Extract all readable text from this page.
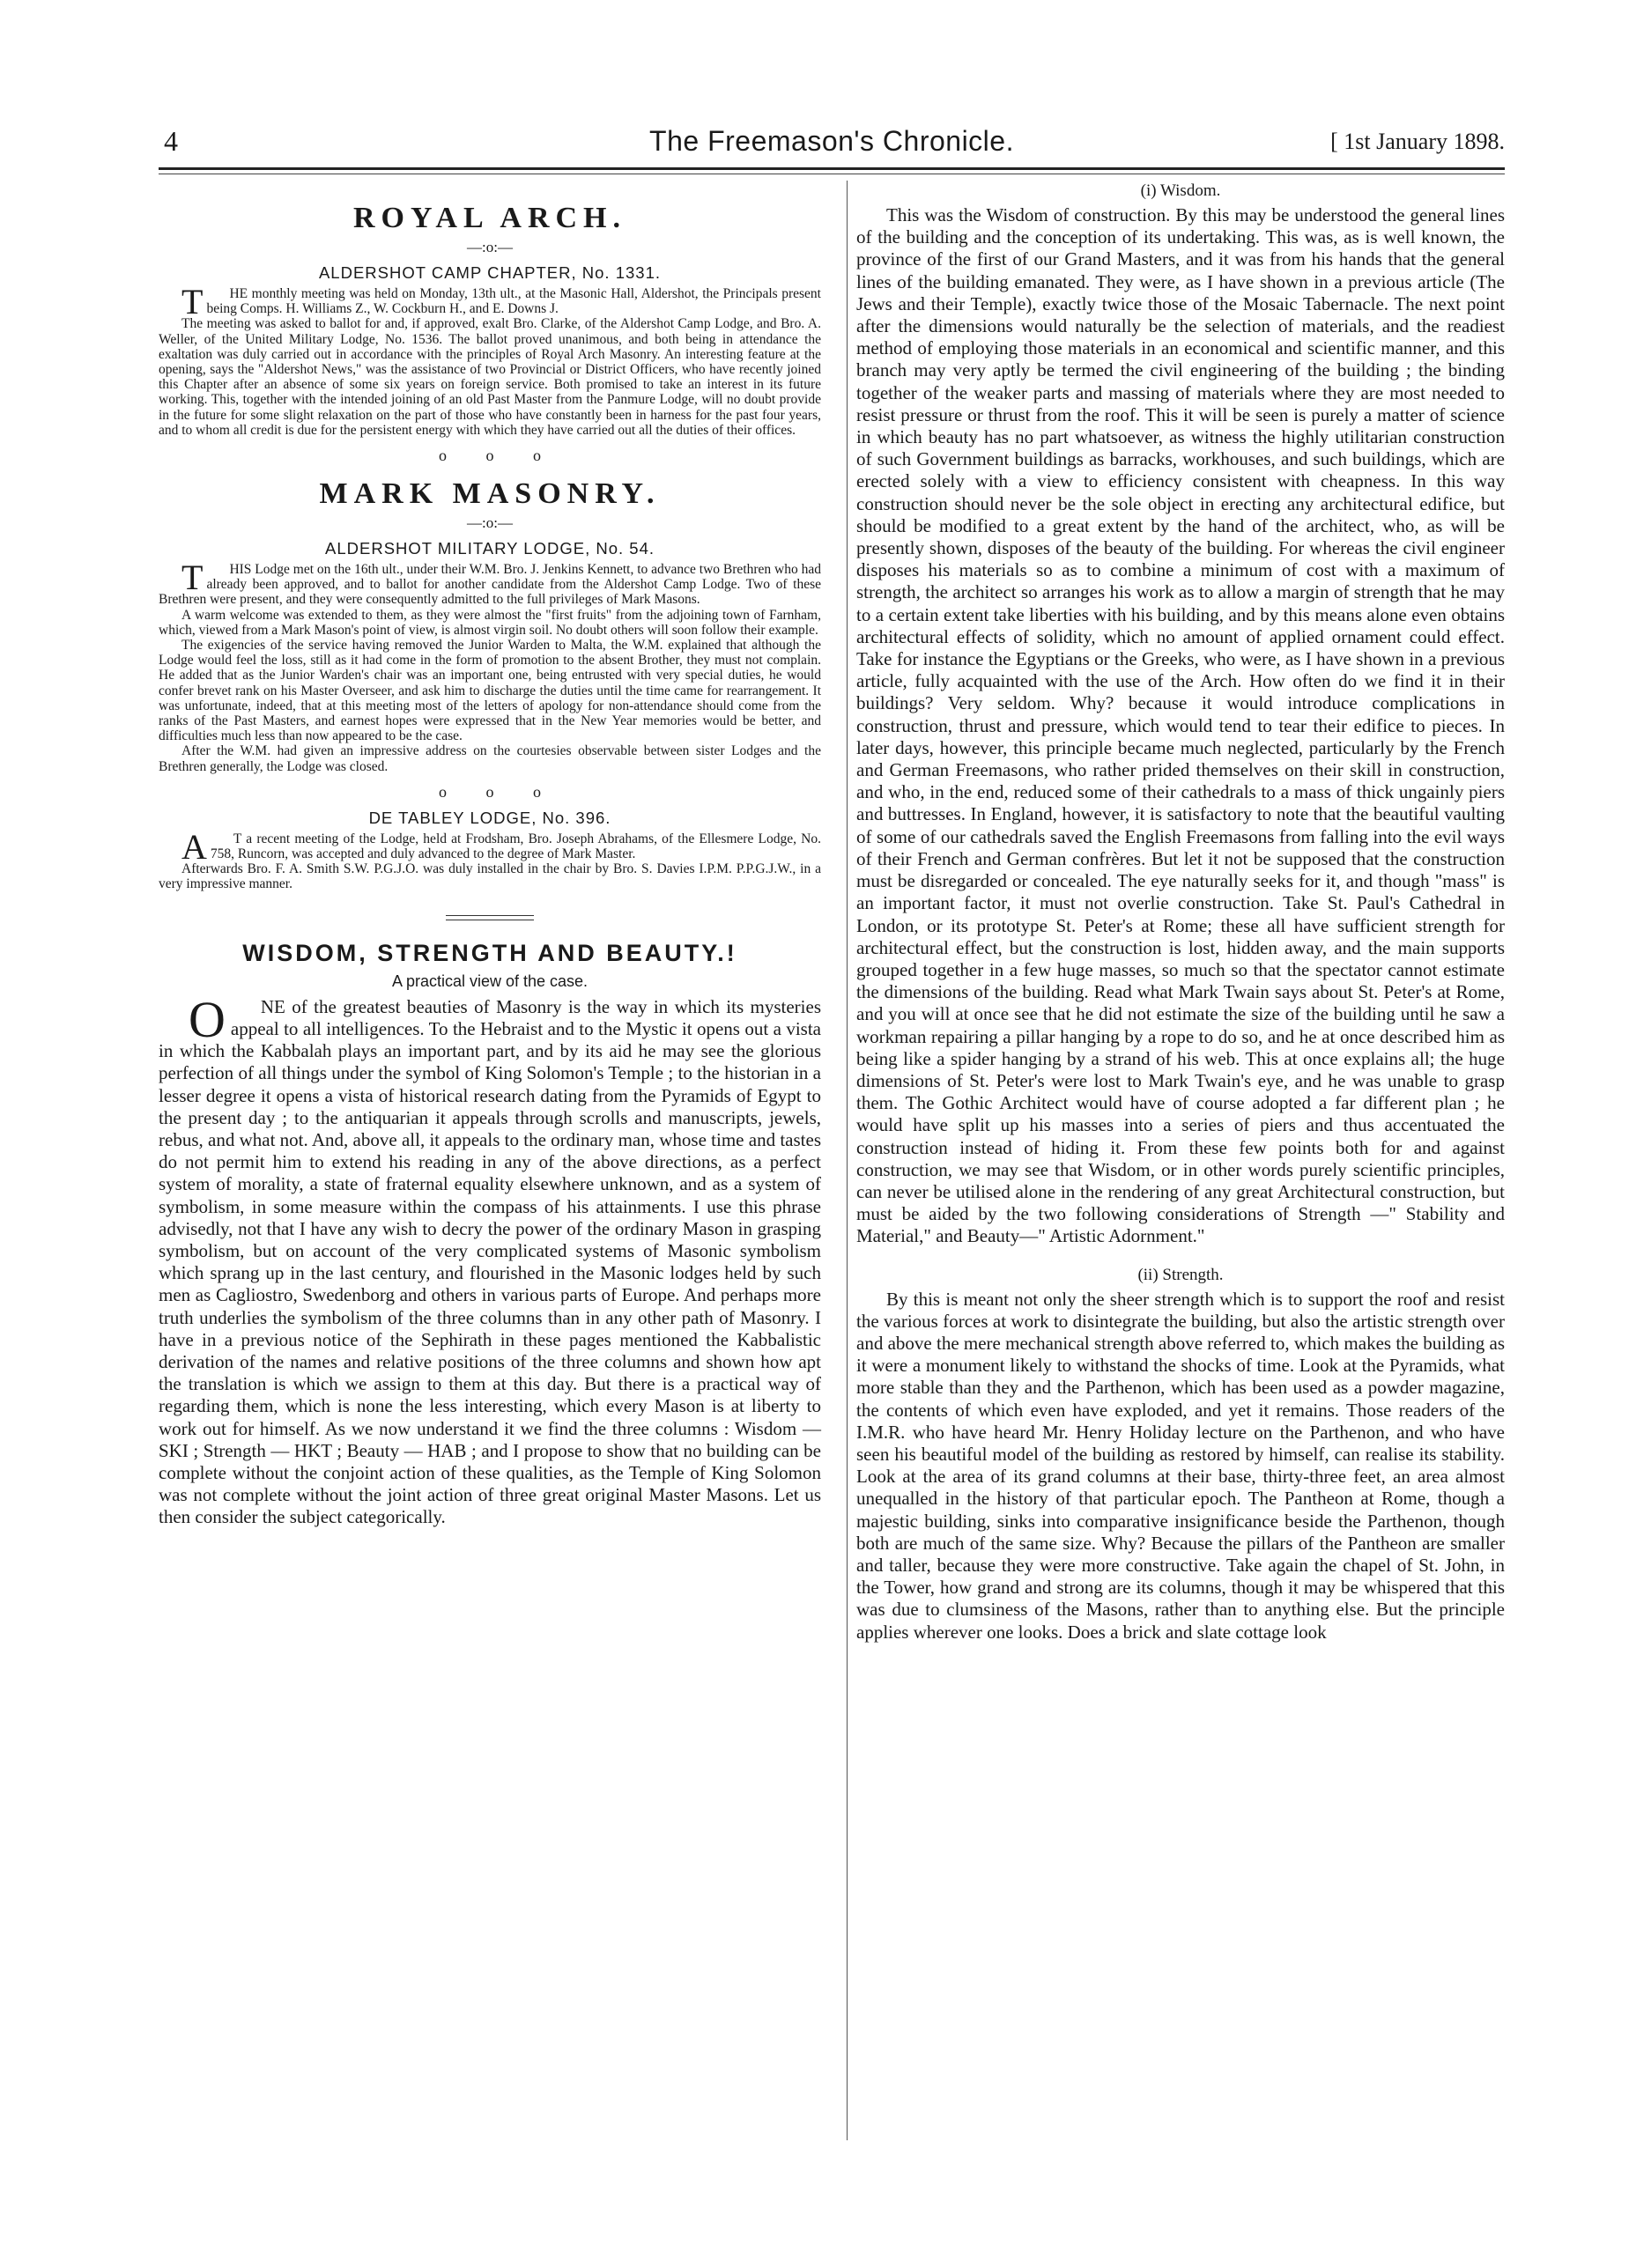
4	The Freemason's Chronicle.	[ 1st January 1898.
ROYAL ARCH.
—:o:—
ALDERSHOT CAMP CHAPTER, No. 1331.

THE monthly meeting was held on Monday, 13th ult., at the Masonic Hall, Aldershot, the Principals present being Comps. H. Williams Z., W. Cockburn H., and E. Downs J.

The meeting was asked to ballot for and, if approved, exalt Bro. Clarke, of the Aldershot Camp Lodge, and Bro. A. Weller, of the United Military Lodge, No. 1536. The ballot proved unanimous, and both being in attendance the exaltation was duly carried out in accordance with the principles of Royal Arch Masonry. An interesting feature at the opening, says the "Aldershot News," was the assistance of two Provincial or District Officers, who have recently joined this Chapter after an absence of some six years on foreign service. Both promised to take an interest in its future working. This, together with the intended joining of an old Past Master from the Panmure Lodge, will no doubt provide in the future for some slight relaxation on the part of those who have constantly been in harness for the past four years, and to whom all credit is due for the persistent energy with which they have carried out all the duties of their offices.

o o o
MARK MASONRY.
—:o:—
ALDERSHOT MILITARY LODGE, No. 54.

THIS Lodge met on the 16th ult., under their W.M. Bro. J. Jenkins Kennett, to advance two Brethren who had already been approved, and to ballot for another candidate from the Aldershot Camp Lodge. Two of these Brethren were present, and they were consequently admitted to the full privileges of Mark Masons.

A warm welcome was extended to them, as they were almost the "first fruits" from the adjoining town of Farnham, which, viewed from a Mark Mason's point of view, is almost virgin soil. No doubt others will soon follow their example.

The exigencies of the service having removed the Junior Warden to Malta, the W.M. explained that although the Lodge would feel the loss, still as it had come in the form of promotion to the absent Brother, they must not complain. He added that as the Junior Warden's chair was an important one, being entrusted with very special duties, he would confer brevet rank on his Master Overseer, and ask him to discharge the duties until the time came for rearrangement. It was unfortunate, indeed, that at this meeting most of the letters of apology for non-attendance should come from the ranks of the Past Masters, and earnest hopes were expressed that in the New Year memories would be better, and difficulties much less than now appeared to be the case.

After the W.M. had given an impressive address on the courtesies observable between sister Lodges and the Brethren generally, the Lodge was closed.

o o o
DE TABLEY LODGE, No. 396.

AT a recent meeting of the Lodge, held at Frodsham, Bro. Joseph Abrahams, of the Ellesmere Lodge, No. 758, Runcorn, was accepted and duly advanced to the degree of Mark Master.

Afterwards Bro. F. A. Smith S.W. P.G.J.O. was duly installed in the chair by Bro. S. Davies I.P.M. P.P.G.J.W., in a very impressive manner.

WISDOM, STRENGTH AND BEAUTY.!
A practical view of the case.

ONE of the greatest beauties of Masonry is the way in which its mysteries appeal to all intelligences. To the Hebraist and to the Mystic it opens out a vista in which the Kabbalah plays an important part, and by its aid he may see the glorious perfection of all things under the symbol of King Solomon's Temple ; to the historian in a lesser degree it opens a vista of historical research dating from the Pyramids of Egypt to the present day ; to the antiquarian it appeals through scrolls and manuscripts, jewels, rebus, and what not. And, above all, it appeals to the ordinary man, whose time and tastes do not permit him to extend his reading in any of the above directions, as a perfect system of morality, a state of fraternal equality elsewhere unknown, and as a system of symbolism, in some measure within the compass of his attainments. I use this phrase advisedly, not that I have any wish to decry the power of the ordinary Mason in grasping symbolism, but on account of the very complicated systems of Masonic symbolism which sprang up in the last century, and flourished in the Masonic lodges held by such men as Cagliostro, Swedenborg and others in various parts of Europe. And perhaps more truth underlies the symbolism of the three columns than in any other path of Masonry. I have in a previous notice of the Sephirath in these pages mentioned the Kabbalistic derivation of the names and relative positions of the three columns and shown how apt the translation is which we assign to them at this day. But there is a practical way of regarding them, which is none the less interesting, which every Mason is at liberty to work out for himself. As we now understand it we find the three columns : Wisdom — SKI ; Strength — HKT ; Beauty — HAB ; and I propose to show that no building can be complete without the conjoint action of these qualities, as the Temple of King Solomon was not complete without the joint action of three great original Master Masons. Let us then consider the subject categorically.

(i) Wisdom.

This was the Wisdom of construction. By this may be understood the general lines of the building and the conception of its undertaking. This was, as is well known, the province of the first of our Grand Masters, and it was from his hands that the general lines of the building emanated. They were, as I have shown in a previous article (The Jews and their Temple), exactly twice those of the Mosaic Tabernacle. The next point after the dimensions would naturally be the selection of materials, and the readiest method of employing those materials in an economical and scientific manner, and this branch may very aptly be termed the civil engineering of the building ; the binding together of the weaker parts and massing of materials where they are most needed to resist pressure or thrust from the roof. This it will be seen is purely a matter of science in which beauty has no part whatsoever, as witness the highly utilitarian construction of such Government buildings as barracks, workhouses, and such buildings, which are erected solely with a view to efficiency consistent with cheapness. In this way construction should never be the sole object in erecting any architectural edifice, but should be modified to a great extent by the hand of the architect, who, as will be presently shown, disposes of the beauty of the building. For whereas the civil engineer disposes his materials so as to combine a minimum of cost with a maximum of strength, the architect so arranges his work as to allow a margin of strength that he may to a certain extent take liberties with his building, and by this means alone even obtains architectural effects of solidity, which no amount of applied ornament could effect. Take for instance the Egyptians or the Greeks, who were, as I have shown in a previous article, fully acquainted with the use of the Arch. How often do we find it in their buildings? Very seldom. Why? because it would introduce complications in construction, thrust and pressure, which would tend to tear their edifice to pieces. In later days, however, this principle became much neglected, particularly by the French and German Freemasons, who rather prided themselves on their skill in construction, and who, in the end, reduced some of their cathedrals to a mass of thick ungainly piers and buttresses. In England, however, it is satisfactory to note that the beautiful vaulting of some of our cathedrals saved the English Freemasons from falling into the evil ways of their French and German confrères. But let it not be supposed that the construction must be disregarded or concealed. The eye naturally seeks for it, and though "mass" is an important factor, it must not overlie construction. Take St. Paul's Cathedral in London, or its prototype St. Peter's at Rome; these all have sufficient strength for architectural effect, but the construction is lost, hidden away, and the main supports grouped together in a few huge masses, so much so that the spectator cannot estimate the dimensions of the building. Read what Mark Twain says about St. Peter's at Rome, and you will at once see that he did not estimate the size of the building until he saw a workman repairing a pillar hanging by a rope to do so, and he at once described him as being like a spider hanging by a strand of his web. This at once explains all; the huge dimensions of St. Peter's were lost to Mark Twain's eye, and he was unable to grasp them. The Gothic Architect would have of course adopted a far different plan ; he would have split up his masses into a series of piers and thus accentuated the construction instead of hiding it. From these few points both for and against construction, we may see that Wisdom, or in other words purely scientific principles, can never be utilised alone in the rendering of any great Architectural construction, but must be aided by the two following considerations of Strength —" Stability and Material," and Beauty—" Artistic Adornment."

(ii) Strength.

By this is meant not only the sheer strength which is to support the roof and resist the various forces at work to disintegrate the building, but also the artistic strength over and above the mere mechanical strength above referred to, which makes the building as it were a monument likely to withstand the shocks of time. Look at the Pyramids, what more stable than they and the Parthenon, which has been used as a powder magazine, the contents of which even have exploded, and yet it remains. Those readers of the I.M.R. who have heard Mr. Henry Holiday lecture on the Parthenon, and who have seen his beautiful model of the building as restored by himself, can realise its stability. Look at the area of its grand columns at their base, thirty-three feet, an area almost unequalled in the history of that particular epoch. The Pantheon at Rome, though a majestic building, sinks into comparative insignificance beside the Parthenon, though both are much of the same size. Why? Because the pillars of the Pantheon are smaller and taller, because they were more constructive. Take again the chapel of St. John, in the Tower, how grand and strong are its columns, though it may be whispered that this was due to clumsiness of the Masons, rather than to anything else. But the principle applies wherever one looks. Does a brick and slate cottage look
